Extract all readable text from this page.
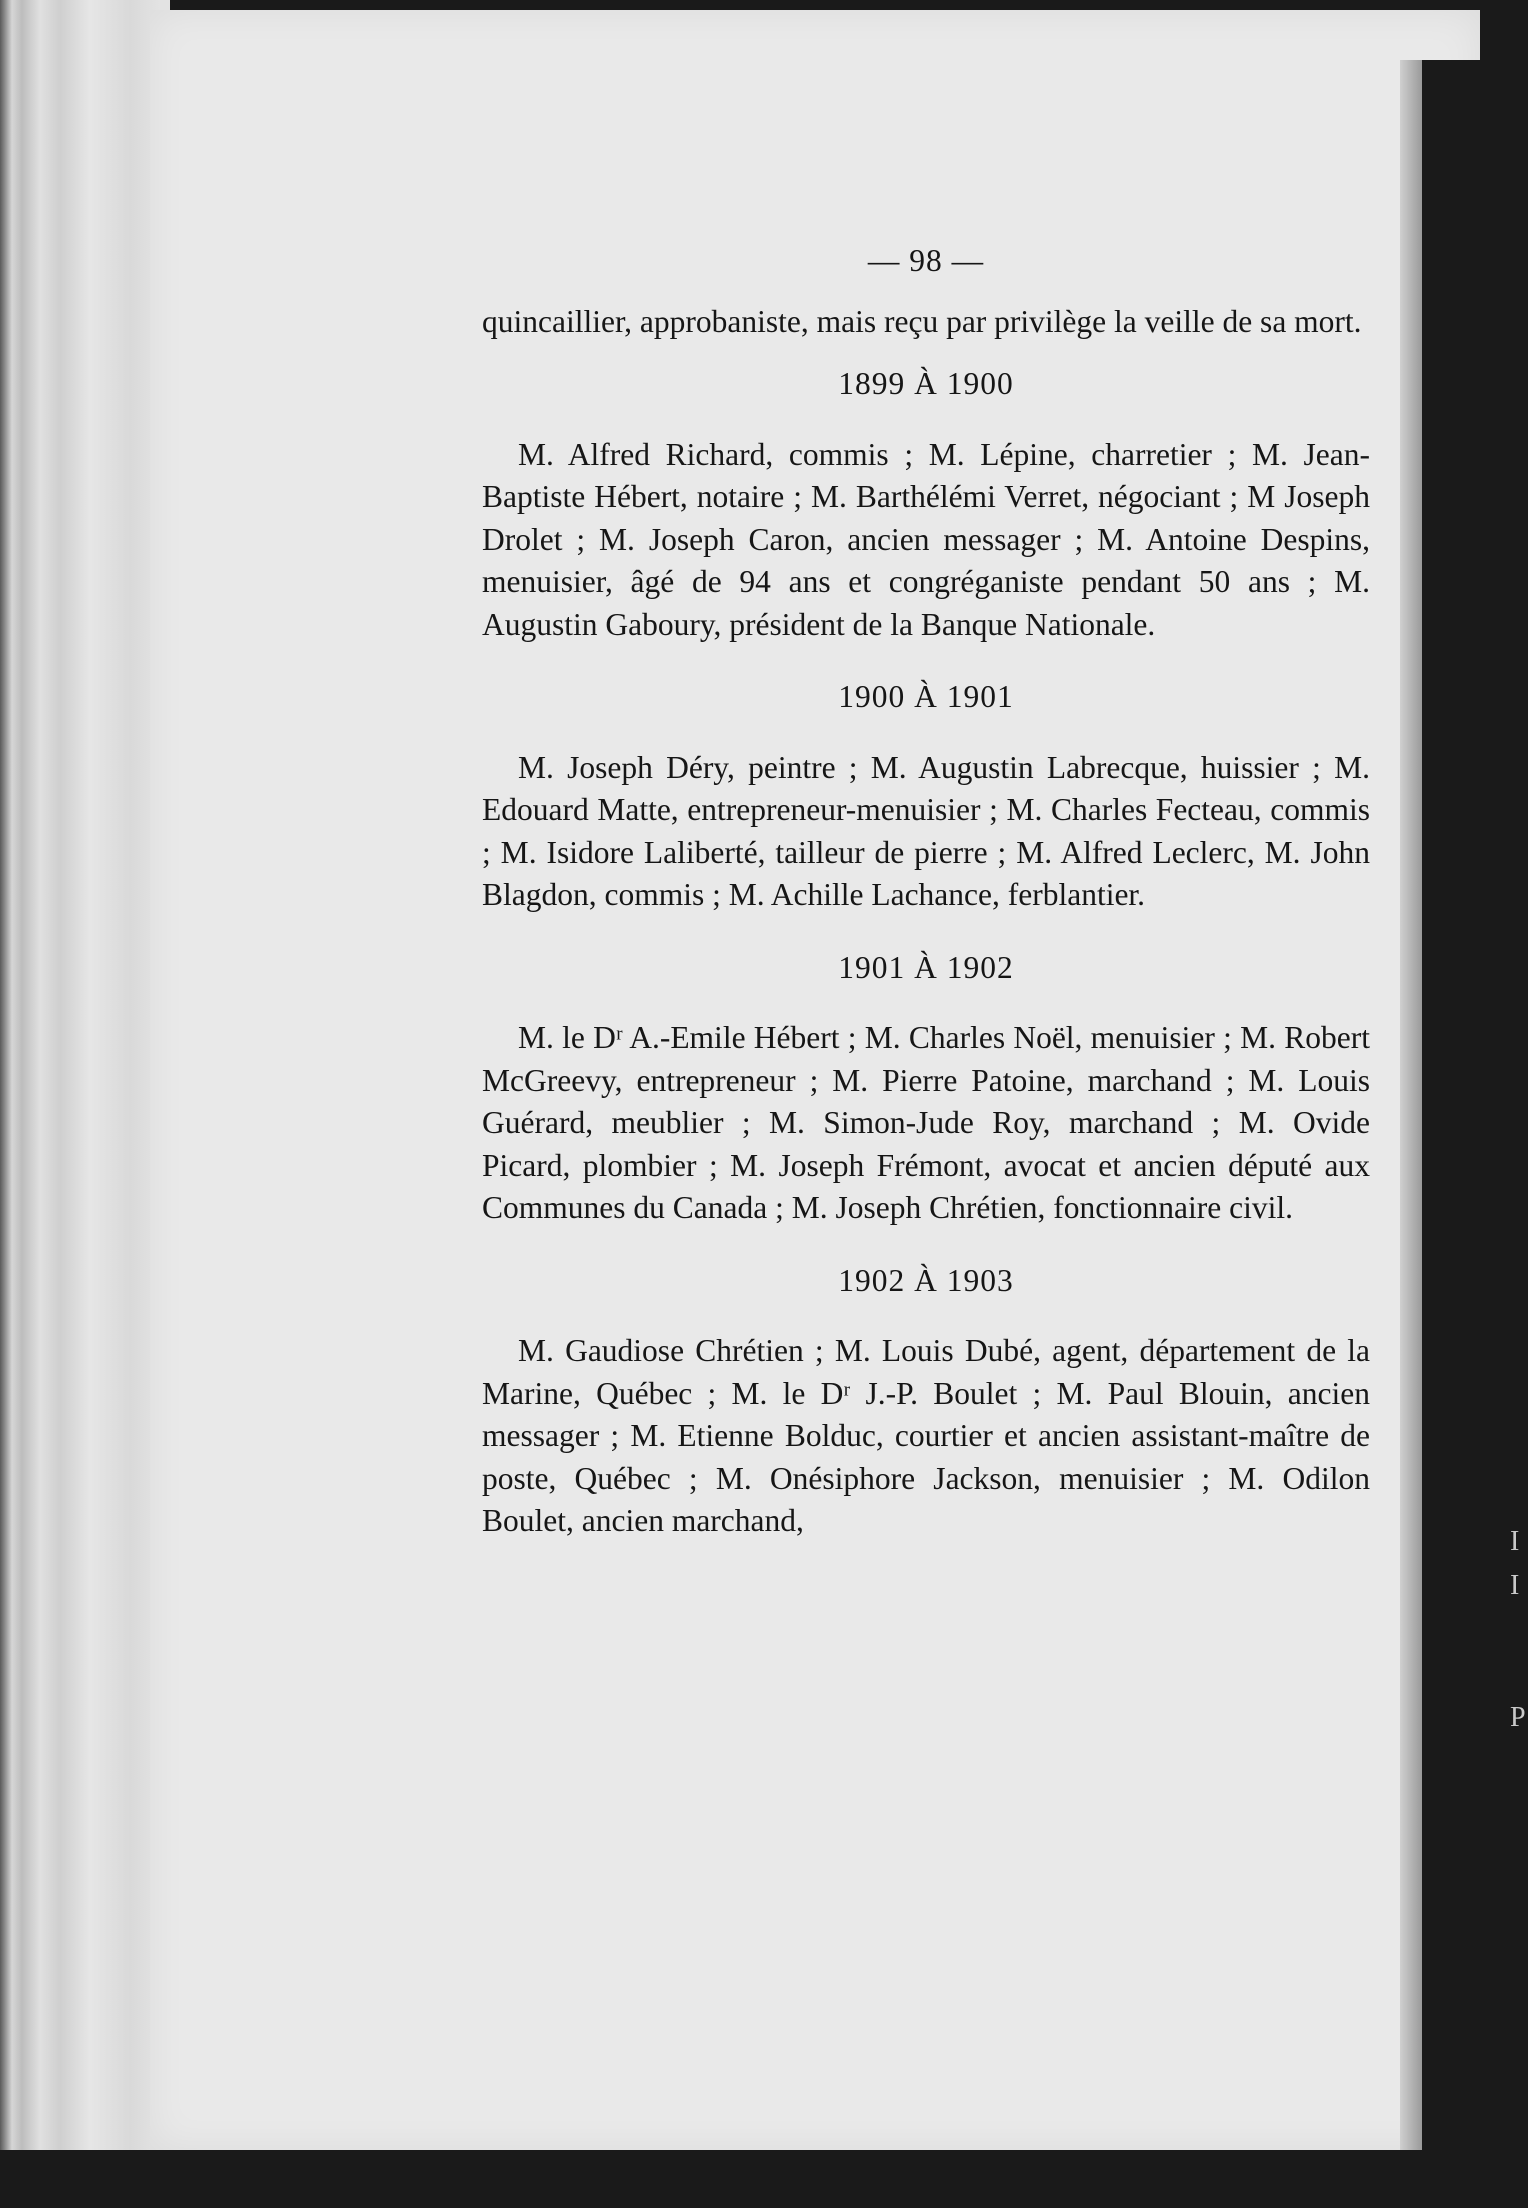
I
I

P
— 98 —

quincaillier, approbaniste, mais reçu par privilège la veille de sa mort.

1899 À 1900

M. Alfred Richard, commis ; M. Lépine, charretier ; M. Jean-Baptiste Hébert, notaire ; M. Barthélémi Verret, négociant ; M Joseph Drolet ; M. Joseph Caron, ancien messager ; M. Antoine Despins, menuisier, âgé de 94 ans et congréganiste pendant 50 ans ; M. Augustin Gaboury, président de la Banque Nationale.

1900 À 1901

M. Joseph Déry, peintre ; M. Augustin Labrecque, huissier ; M. Edouard Matte, entrepreneur-menuisier ; M. Charles Fecteau, commis ; M. Isidore Laliberté, tailleur de pierre ; M. Alfred Leclerc, M. John Blagdon, commis ; M. Achille Lachance, ferblantier.

1901 À 1902

M. le Dʳ A.-Emile Hébert ; M. Charles Noël, menuisier ; M. Robert McGreevy, entrepreneur ; M. Pierre Patoine, marchand ; M. Louis Guérard, meublier ; M. Simon-Jude Roy, marchand ; M. Ovide Picard, plombier ; M. Joseph Frémont, avocat et ancien député aux Communes du Canada ; M. Joseph Chrétien, fonctionnaire civil.

1902 À 1903

M. Gaudiose Chrétien ; M. Louis Dubé, agent, département de la Marine, Québec ; M. le Dʳ J.-P. Boulet ; M. Paul Blouin, ancien messager ; M. Etienne Bolduc, courtier et ancien assistant-maître de poste, Québec ; M. Onésiphore Jackson, menuisier ; M. Odilon Boulet, ancien marchand,
